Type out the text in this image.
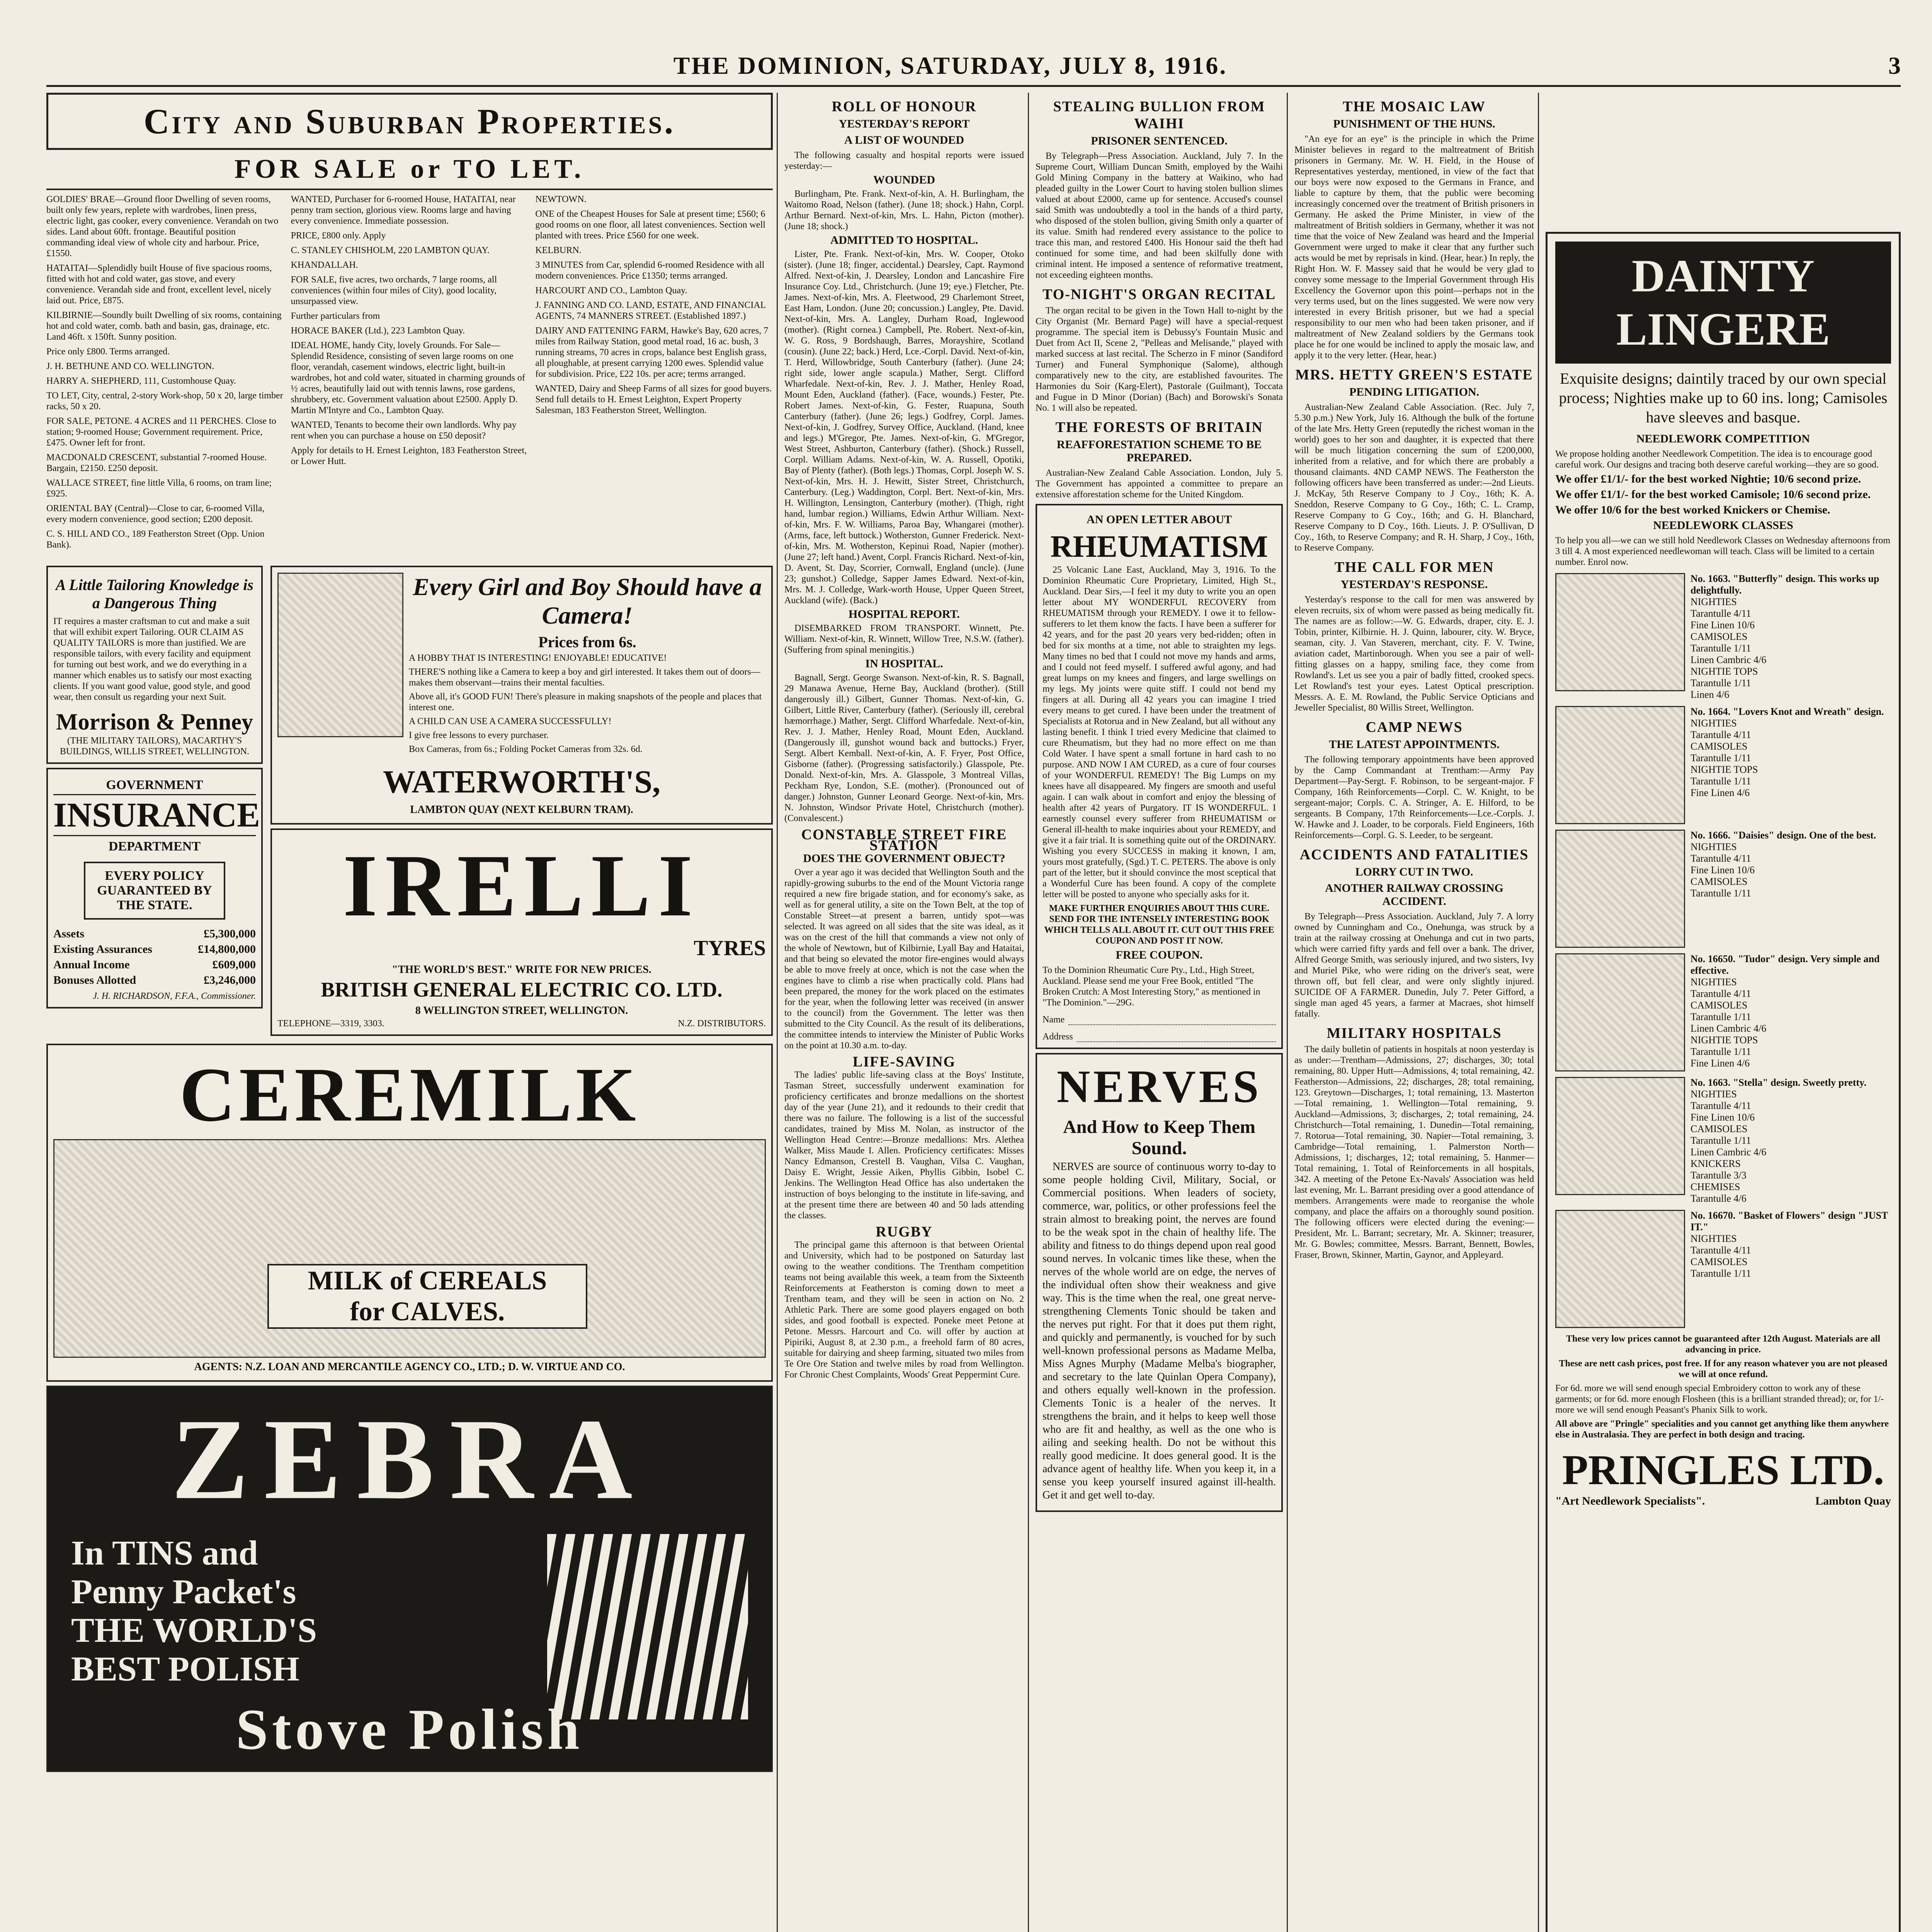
THE DOMINION, SATURDAY, JULY 8, 1916.	3
City and Suburban Properties.
FOR SALE or TO LET.

GOLDIES' BRAE—Ground floor Dwelling of seven rooms, built only few years, replete with wardrobes, linen press, electric light, gas cooker, every convenience. Verandah on two sides. Land about 60ft. frontage. Beautiful position commanding ideal view of whole city and harbour. Price, £1550.

HATAITAI—Splendidly built House of five spacious rooms, fitted with hot and cold water, gas stove, and every convenience. Verandah side and front, excellent level, nicely laid out. Price, £875.

KILBIRNIE—Soundly built Dwelling of six rooms, containing hot and cold water, comb. bath and basin, gas, drainage, etc. Land 46ft. x 150ft. Sunny position.

Price only £800. Terms arranged.

J. H. BETHUNE AND CO. WELLINGTON.

HARRY A. SHEPHERD, 111, Customhouse Quay.

TO LET, City, central, 2-story Work-shop, 50 x 20, large timber racks, 50 x 20.

FOR SALE, PETONE. 4 ACRES and 11 PERCHES. Close to station; 9-roomed House; Government requirement. Price, £475. Owner left for front.

MACDONALD CRESCENT, substantial 7-roomed House. Bargain, £2150. £250 deposit.

WALLACE STREET, fine little Villa, 6 rooms, on tram line; £925.

ORIENTAL BAY (Central)—Close to car, 6-roomed Villa, every modern convenience, good section; £200 deposit.

C. S. HILL AND CO., 189 Featherston Street (Opp. Union Bank).

WANTED, Purchaser for 6-roomed House, HATAITAI, near penny tram section, glorious view. Rooms large and having every convenience. Immediate possession.

PRICE, £800 only. Apply

C. STANLEY CHISHOLM, 220 LAMBTON QUAY.

KHANDALLAH.

FOR SALE, five acres, two orchards, 7 large rooms, all conveniences (within four miles of City), good locality, unsurpassed view.

Further particulars from

HORACE BAKER (Ltd.), 223 Lambton Quay.

IDEAL HOME, handy City, lovely Grounds. For Sale—Splendid Residence, consisting of seven large rooms on one floor, verandah, casement windows, electric light, built-in wardrobes, hot and cold water, situated in charming grounds of ½ acres, beautifully laid out with tennis lawns, rose gardens, shrubbery, etc. Government valuation about £2500. Apply D. Martin M'Intyre and Co., Lambton Quay.

WANTED, Tenants to become their own landlords. Why pay rent when you can purchase a house on £50 deposit?

Apply for details to H. Ernest Leighton, 183 Featherston Street, or Lower Hutt.

NEWTOWN.

ONE of the Cheapest Houses for Sale at present time; £560; 6 good rooms on one floor, all latest conveniences. Section well planted with trees. Price £560 for one week.

KELBURN.

3 MINUTES from Car, splendid 6-roomed Residence with all modern conveniences. Price £1350; terms arranged.

HARCOURT AND CO., Lambton Quay.

J. FANNING AND CO. LAND, ESTATE, AND FINANCIAL AGENTS, 74 MANNERS STREET. (Established 1897.)

DAIRY AND FATTENING FARM, Hawke's Bay, 620 acres, 7 miles from Railway Station, good metal road, 16 ac. bush, 3 running streams, 70 acres in crops, balance best English grass, all ploughable, at present carrying 1200 ewes. Splendid value for subdivision. Price, £22 10s. per acre; terms arranged.

WANTED, Dairy and Sheep Farms of all sizes for good buyers. Send full details to H. Ernest Leighton, Expert Property Salesman, 183 Featherston Street, Wellington.

A Little Tailoring Knowledge is a Dangerous Thing
IT requires a master craftsman to cut and make a suit that will exhibit expert Tailoring. OUR CLAIM AS QUALITY TAILORS is more than justified. We are responsible tailors, with every facility and equipment for turning out best work, and we do everything in a manner which enables us to satisfy our most exacting clients. If you want good value, good style, and good wear, then consult us regarding your next Suit.
Morrison & Penney
(THE MILITARY TAILORS), MACARTHY'S BUILDINGS, WILLIS STREET, WELLINGTON.
GOVERNMENT
INSURANCE
DEPARTMENT
EVERY POLICY GUARANTEED BY THE STATE.
Assets	£5,300,000
Existing Assurances	£14,800,000
Annual Income	£609,000
Bonuses Allotted	£3,246,000
J. H. RICHARDSON, F.F.A., Commissioner.
Every Girl and Boy Should have a Camera!
Prices from 6s.

A HOBBY THAT IS INTERESTING! ENJOYABLE! EDUCATIVE!

THERE'S nothing like a Camera to keep a boy and girl interested. It takes them out of doors—makes them observant—trains their mental faculties.

Above all, it's GOOD FUN! There's pleasure in making snapshots of the people and places that interest one.

A CHILD CAN USE A CAMERA SUCCESSFULLY!

I give free lessons to every purchaser.

Box Cameras, from 6s.; Folding Pocket Cameras from 32s. 6d.

WATERWORTH'S,
LAMBTON QUAY (NEXT KELBURN TRAM).
IRELLI
TYRES
"THE WORLD'S BEST." WRITE FOR NEW PRICES.
BRITISH GENERAL ELECTRIC CO. LTD.
8 WELLINGTON STREET, WELLINGTON.
TELEPHONE—3319, 3303.	N.Z. DISTRIBUTORS.
CEREMILK
MILK of CEREALS
for CALVES.
AGENTS: N.Z. LOAN AND MERCANTILE AGENCY CO., LTD.; D. W. VIRTUE AND CO.
ZEBRA
In TINS and
Penny Packet's
THE WORLD'S
BEST POLISH
Stove Polish
ROLL OF HONOUR
YESTERDAY'S REPORT
A LIST OF WOUNDED

The following casualty and hospital reports were issued yesterday:—

WOUNDED

Burlingham, Pte. Frank. Next-of-kin, A. H. Burlingham, the Waitomo Road, Nelson (father). (June 18; shock.) Hahn, Corpl. Arthur Bernard. Next-of-kin, Mrs. L. Hahn, Picton (mother). (June 18; shock.)

ADMITTED TO HOSPITAL.

Lister, Pte. Frank. Next-of-kin, Mrs. W. Cooper, Otoko (sister). (June 18; finger, accidental.) Dearsley, Capt. Raymond Alfred. Next-of-kin, J. Dearsley, London and Lancashire Fire Insurance Coy. Ltd., Christchurch. (June 19; eye.) Fletcher, Pte. James. Next-of-kin, Mrs. A. Fleetwood, 29 Charlemont Street, East Ham, London. (June 20; concussion.) Langley, Pte. David. Next-of-kin, Mrs. A. Langley, Durham Road, Inglewood (mother). (Right cornea.) Campbell, Pte. Robert. Next-of-kin, W. G. Ross, 9 Bordshaugh, Barres, Morayshire, Scotland (cousin). (June 22; back.) Herd, Lce.-Corpl. David. Next-of-kin, T. Herd, Willowbridge, South Canterbury (father). (June 24; right side, lower angle scapula.) Mather, Sergt. Clifford Wharfedale. Next-of-kin, Rev. J. J. Mather, Henley Road, Mount Eden, Auckland (father). (Face, wounds.) Fester, Pte. Robert James. Next-of-kin, G. Fester, Ruapuna, South Canterbury (father). (June 26; legs.) Godfrey, Corpl. James. Next-of-kin, J. Godfrey, Survey Office, Auckland. (Hand, knee and legs.) M'Gregor, Pte. James. Next-of-kin, G. M'Gregor, West Street, Ashburton, Canterbury (father). (Shock.) Russell, Corpl. William Adams. Next-of-kin, W. A. Russell, Opotiki, Bay of Plenty (father). (Both legs.) Thomas, Corpl. Joseph W. S. Next-of-kin, Mrs. H. J. Hewitt, Sister Street, Christchurch, Canterbury. (Leg.) Waddington, Corpl. Bert. Next-of-kin, Mrs. H. Willington, Lensington, Canterbury (mother). (Thigh, right hand, lumbar region.) Williams, Edwin Arthur William. Next-of-kin, Mrs. F. W. Williams, Paroa Bay, Whangarei (mother). (Arms, face, left buttock.) Wotherston, Gunner Frederick. Next-of-kin, Mrs. M. Wotherston, Kepinui Road, Napier (mother). (June 27; left hand.) Avent, Corpl. Francis Richard. Next-of-kin, D. Avent, St. Day, Scorrier, Cornwall, England (uncle). (June 23; gunshot.) Colledge, Sapper James Edward. Next-of-kin, Mrs. M. J. Colledge, Wark-worth House, Upper Queen Street, Auckland (wife). (Back.)

HOSPITAL REPORT.

DISEMBARKED FROM TRANSPORT. Winnett, Pte. William. Next-of-kin, R. Winnett, Willow Tree, N.S.W. (father). (Suffering from spinal meningitis.)

IN HOSPITAL.

Bagnall, Sergt. George Swanson. Next-of-kin, R. S. Bagnall, 29 Manawa Avenue, Herne Bay, Auckland (brother). (Still dangerously ill.) Gilbert, Gunner Thomas. Next-of-kin, G. Gilbert, Little River, Canterbury (father). (Seriously ill, cerebral hæmorrhage.) Mather, Sergt. Clifford Wharfedale. Next-of-kin, Rev. J. J. Mather, Henley Road, Mount Eden, Auckland. (Dangerously ill, gunshot wound back and buttocks.) Fryer, Sergt. Albert Kemball. Next-of-kin, A. F. Fryer, Post Office, Gisborne (father). (Progressing satisfactorily.) Glasspole, Pte. Donald. Next-of-kin, Mrs. A. Glasspole, 3 Montreal Villas, Peckham Rye, London, S.E. (mother). (Pronounced out of danger.) Johnston, Gunner Leonard George. Next-of-kin, Mrs. N. Johnston, Windsor Private Hotel, Christchurch (mother). (Convalescent.)

CONSTABLE STREET FIRE STATION
DOES THE GOVERNMENT OBJECT?

Over a year ago it was decided that Wellington South and the rapidly-growing suburbs to the end of the Mount Victoria range required a new fire brigade station, and for economy's sake, as well as for general utility, a site on the Town Belt, at the top of Constable Street—at present a barren, untidy spot—was selected. It was agreed on all sides that the site was ideal, as it was on the crest of the hill that commands a view not only of the whole of Newtown, but of Kilbirnie, Lyall Bay and Hataitai, and that being so elevated the motor fire-engines would always be able to move freely at once, which is not the case when the engines have to climb a rise when practically cold. Plans had been prepared, the money for the work placed on the estimates for the year, when the following letter was received (in answer to the council) from the Government. The letter was then submitted to the City Council. As the result of its deliberations, the committee intends to interview the Minister of Public Works on the point at 10.30 a.m. to-day.

LIFE-SAVING

The ladies' public life-saving class at the Boys' Institute, Tasman Street, successfully underwent examination for proficiency certificates and bronze medallions on the shortest day of the year (June 21), and it redounds to their credit that there was no failure. The following is a list of the successful candidates, trained by Miss M. Nolan, as instructor of the Wellington Head Centre:—Bronze medallions: Mrs. Alethea Walker, Miss Maude I. Allen. Proficiency certificates: Misses Nancy Edmanson, Crestell B. Vaughan, Vilsa C. Vaughan, Daisy E. Wright, Jessie Aiken, Phyllis Gibbin, Isobel C. Jenkins. The Wellington Head Office has also undertaken the instruction of boys belonging to the institute in life-saving, and at the present time there are between 40 and 50 lads attending the classes.

RUGBY

The principal game this afternoon is that between Oriental and University, which had to be postponed on Saturday last owing to the weather conditions. The Trentham competition teams not being available this week, a team from the Sixteenth Reinforcements at Featherston is coming down to meet a Trentham team, and they will be seen in action on No. 2 Athletic Park. There are some good players engaged on both sides, and good football is expected. Poneke meet Petone at Petone. Messrs. Harcourt and Co. will offer by auction at Pipiriki, August 8, at 2.30 p.m., a freehold farm of 80 acres, suitable for dairying and sheep farming, situated two miles from Te Ore Ore Station and twelve miles by road from Wellington. For Chronic Chest Complaints, Woods' Great Peppermint Cure.

STEALING BULLION FROM WAIHI
PRISONER SENTENCED.

By Telegraph—Press Association. Auckland, July 7. In the Supreme Court, William Duncan Smith, employed by the Waihi Gold Mining Company in the battery at Waikino, who had pleaded guilty in the Lower Court to having stolen bullion slimes valued at about £2000, came up for sentence. Accused's counsel said Smith was undoubtedly a tool in the hands of a third party, who disposed of the stolen bullion, giving Smith only a quarter of its value. Smith had rendered every assistance to the police to trace this man, and restored £400. His Honour said the theft had continued for some time, and had been skilfully done with criminal intent. He imposed a sentence of reformative treatment, not exceeding eighteen months.

TO-NIGHT'S ORGAN RECITAL

The organ recital to be given in the Town Hall to-night by the City Organist (Mr. Bernard Page) will have a special-request programme. The special item is Debussy's Fountain Music and Duet from Act II, Scene 2, "Pelleas and Melisande," played with marked success at last recital. The Scherzo in F minor (Sandiford Turner) and Funeral Symphonique (Salome), although comparatively new to the city, are established favourites. The Harmonies du Soir (Karg-Elert), Pastorale (Guilmant), Toccata and Fugue in D Minor (Dorian) (Bach) and Borowski's Sonata No. 1 will also be repeated.

THE FORESTS OF BRITAIN
REAFFORESTATION SCHEME TO BE PREPARED.

Australian-New Zealand Cable Association. London, July 5. The Government has appointed a committee to prepare an extensive afforestation scheme for the United Kingdom.

AN OPEN LETTER ABOUT
RHEUMATISM

25 Volcanic Lane East, Auckland, May 3, 1916. To the Dominion Rheumatic Cure Proprietary, Limited, High St., Auckland. Dear Sirs,—I feel it my duty to write you an open letter about MY WONDERFUL RECOVERY from RHEUMATISM through your REMEDY. I owe it to fellow-sufferers to let them know the facts. I have been a sufferer for 42 years, and for the past 20 years very bed-ridden; often in bed for six months at a time, not able to straighten my legs. Many times no bed that I could not move my hands and arms, and I could not feed myself. I suffered awful agony, and had great lumps on my knees and fingers, and large swellings on my legs. My joints were quite stiff. I could not bend my fingers at all. During all 42 years you can imagine I tried every means to get cured. I have been under the treatment of Specialists at Rotorua and in New Zealand, but all without any lasting benefit. I think I tried every Medicine that claimed to cure Rheumatism, but they had no more effect on me than Cold Water. I have spent a small fortune in hard cash to no purpose. AND NOW I AM CURED, as a cure of four courses of your WONDERFUL REMEDY! The Big Lumps on my knees have all disappeared. My fingers are smooth and useful again. I can walk about in comfort and enjoy the blessing of health after 42 years of Purgatory. IT IS WONDERFUL. I earnestly counsel every sufferer from RHEUMATISM or General ill-health to make inquiries about your REMEDY, and give it a fair trial. It is something quite out of the ORDINARY. Wishing you every SUCCESS in making it known, I am, yours most gratefully, (Sgd.) T. C. PETERS. The above is only part of the letter, but it should convince the most sceptical that a Wonderful Cure has been found. A copy of the complete letter will be posted to anyone who specially asks for it.

MAKE FURTHER ENQUIRIES ABOUT THIS CURE. SEND FOR THE INTENSELY INTERESTING BOOK WHICH TELLS ALL ABOUT IT. CUT OUT THIS FREE COUPON AND POST IT NOW.
FREE COUPON.
To the Dominion Rheumatic Cure Pty., Ltd., High Street, Auckland. Please send me your Free Book, entitled "The Broken Crutch: A Most Interesting Story," as mentioned in "The Dominion."—29G.
Name
Address
NERVES
And How to Keep Them Sound.

NERVES are source of continuous worry to-day to some people holding Civil, Military, Social, or Commercial positions. When leaders of society, commerce, war, politics, or other professions feel the strain almost to breaking point, the nerves are found to be the weak spot in the chain of healthy life. The ability and fitness to do things depend upon real good sound nerves. In volcanic times like these, when the nerves of the whole world are on edge, the nerves of the individual often show their weakness and give way. This is the time when the real, one great nerve-strengthening Clements Tonic should be taken and the nerves put right. For that it does put them right, and quickly and permanently, is vouched for by such well-known professional persons as Madame Melba, Miss Agnes Murphy (Madame Melba's biographer, and secretary to the late Quinlan Opera Company), and others equally well-known in the profession. Clements Tonic is a healer of the nerves. It strengthens the brain, and it helps to keep well those who are fit and healthy, as well as the one who is ailing and seeking health. Do not be without this really good medicine. It does general good. It is the advance agent of healthy life. When you keep it, in a sense you keep yourself insured against ill-health. Get it and get well to-day.

THE MOSAIC LAW
PUNISHMENT OF THE HUNS.

"An eye for an eye" is the principle in which the Prime Minister believes in regard to the maltreatment of British prisoners in Germany. Mr. W. H. Field, in the House of Representatives yesterday, mentioned, in view of the fact that our boys were now exposed to the Germans in France, and liable to capture by them, that the public were becoming increasingly concerned over the treatment of British prisoners in Germany. He asked the Prime Minister, in view of the maltreatment of British soldiers in Germany, whether it was not time that the voice of New Zealand was heard and the Imperial Government were urged to make it clear that any further such acts would be met by reprisals in kind. (Hear, hear.) In reply, the Right Hon. W. F. Massey said that he would be very glad to convey some message to the Imperial Government through His Excellency the Governor upon this point—perhaps not in the very terms used, but on the lines suggested. We were now very interested in every British prisoner, but we had a special responsibility to our men who had been taken prisoner, and if maltreatment of New Zealand soldiers by the Germans took place he for one would be inclined to apply the mosaic law, and apply it to the very letter. (Hear, hear.)

MRS. HETTY GREEN'S ESTATE
PENDING LITIGATION.

Australian-New Zealand Cable Association. (Rec. July 7, 5.30 p.m.) New York, July 16. Although the bulk of the fortune of the late Mrs. Hetty Green (reputedly the richest woman in the world) goes to her son and daughter, it is expected that there will be much litigation concerning the sum of £200,000, inherited from a relative, and for which there are probably a thousand claimants. 4ND CAMP NEWS. The Featherston the following officers have been transferred as under:—2nd Lieuts. J. McKay, 5th Reserve Company to J Coy., 16th; K. A. Sneddon, Reserve Company to G Coy., 16th; C. L. Cramp, Reserve Company to G Coy., 16th; and G. H. Blanchard, Reserve Company to D Coy., 16th. Lieuts. J. P. O'Sullivan, D Coy., 16th, to Reserve Company; and R. H. Sharp, J Coy., 16th, to Reserve Company.

THE CALL FOR MEN
YESTERDAY'S RESPONSE.

Yesterday's response to the call for men was answered by eleven recruits, six of whom were passed as being medically fit. The names are as follow:—W. G. Edwards, draper, city. E. J. Tobin, printer, Kilbirnie. H. J. Quinn, labourer, city. W. Bryce, seaman, city. J. Van Staveren, merchant, city. F. V. Twine, aviation cadet, Martinborough. When you see a pair of well-fitting glasses on a happy, smiling face, they come from Rowland's. Let us see you a pair of badly fitted, crooked specs. Let Rowland's test your eyes. Latest Optical prescription. Messrs. A. E. M. Rowland, the Public Service Opticians and Jeweller Specialist, 80 Willis Street, Wellington.

CAMP NEWS
THE LATEST APPOINTMENTS.

The following temporary appointments have been approved by the Camp Commandant at Trentham:—Army Pay Department—Pay-Sergt. F. Robinson, to be sergeant-major. F Company, 16th Reinforcements—Corpl. C. W. Knight, to be sergeant-major; Corpls. C. A. Stringer, A. E. Hilford, to be sergeants. B Company, 17th Reinforcements—Lce.-Corpls. J. W. Hawke and J. Loader, to be corporals. Field Engineers, 16th Reinforcements—Corpl. G. S. Leeder, to be sergeant.

ACCIDENTS AND FATALITIES
LORRY CUT IN TWO.
ANOTHER RAILWAY CROSSING ACCIDENT.

By Telegraph—Press Association. Auckland, July 7. A lorry owned by Cunningham and Co., Onehunga, was struck by a train at the railway crossing at Onehunga and cut in two parts, which were carried fifty yards and fell over a bank. The driver, Alfred George Smith, was seriously injured, and two sisters, Ivy and Muriel Pike, who were riding on the driver's seat, were thrown off, but fell clear, and were only slightly injured. SUICIDE OF A FARMER. Dunedin, July 7. Peter Gifford, a single man aged 45 years, a farmer at Macraes, shot himself fatally.

MILITARY HOSPITALS

The daily bulletin of patients in hospitals at noon yesterday is as under:—Trentham—Admissions, 27; discharges, 30; total remaining, 80. Upper Hutt—Admissions, 4; total remaining, 42. Featherston—Admissions, 22; discharges, 28; total remaining, 123. Greytown—Discharges, 1; total remaining, 13. Masterton—Total remaining, 1. Wellington—Total remaining, 9. Auckland—Admissions, 3; discharges, 2; total remaining, 24. Christchurch—Total remaining, 1. Dunedin—Total remaining, 7. Rotorua—Total remaining, 30. Napier—Total remaining, 3. Cambridge—Total remaining, 1. Palmerston North—Admissions, 1; discharges, 12; total remaining, 5. Hanmer—Total remaining, 1. Total of Reinforcements in all hospitals, 342. A meeting of the Petone Ex-Navals' Association was held last evening, Mr. L. Barrant presiding over a good attendance of members. Arrangements were made to reorganise the whole company, and place the affairs on a thoroughly sound position. The following officers were elected during the evening:—President, Mr. L. Barrant; secretary, Mr. A. Skinner; treasurer, Mr. G. Bowles; committee, Messrs. Barrant, Bennett, Bowles, Fraser, Brown, Skinner, Martin, Gaynor, and Appleyard.

DAINTY LINGERE
Exquisite designs; daintily traced by our own special process; Nighties make up to 60 ins. long; Camisoles have sleeves and basque.
NEEDLEWORK COMPETITION
We propose holding another Needlework Competition. The idea is to encourage good careful work. Our designs and tracing both deserve careful working—they are so good.
We offer £1/1/- for the best worked Nightie; 10/6 second prize.
We offer £1/1/- for the best worked Camisole; 10/6 second prize.
We offer 10/6 for the best worked Knickers or Chemise.
NEEDLEWORK CLASSES
To help you all—we can we still hold Needlework Classes on Wednesday afternoons from 3 till 4. A most experienced needlewoman will teach. Class will be limited to a certain number. Enrol now.
No. 1663. "Butterfly" design. This works up delightfully.
NIGHTIES
Tarantulle 4/11
Fine Linen 10/6
CAMISOLES
Tarantulle 1/11
Linen Cambric 4/6
NIGHTIE TOPS
Tarantulle 1/11
Linen 4/6
No. 1664. "Lovers Knot and Wreath" design.
NIGHTIES
Tarantulle 4/11
CAMISOLES
Tarantulle 1/11
NIGHTIE TOPS
Tarantulle 1/11
Fine Linen 4/6
No. 1666. "Daisies" design. One of the best.
NIGHTIES
Tarantulle 4/11
Fine Linen 10/6
CAMISOLES
Tarantulle 1/11
No. 16650. "Tudor" design. Very simple and effective.
NIGHTIES
Tarantulle 4/11
CAMISOLES
Tarantulle 1/11
Linen Cambric 4/6
NIGHTIE TOPS
Tarantulle 1/11
Fine Linen 4/6
No. 1663. "Stella" design. Sweetly pretty.
NIGHTIES
Tarantulle 4/11
Fine Linen 10/6
CAMISOLES
Tarantulle 1/11
Linen Cambric 4/6
KNICKERS
Tarantulle 3/3
CHEMISES
Tarantulle 4/6
No. 16670. "Basket of Flowers" design "JUST IT."
NIGHTIES
Tarantulle 4/11
CAMISOLES
Tarantulle 1/11
These very low prices cannot be guaranteed after 12th August. Materials are all advancing in price.
These are nett cash prices, post free. If for any reason whatever you are not pleased we will at once refund.
For 6d. more we will send enough special Embroidery cotton to work any of these garments; or for 6d. more enough Flosheen (this is a brilliant stranded thread); or, for 1/- more we will send enough Peasant's Phanix Silk to work.
All above are "Pringle" specialities and you cannot get anything like them anywhere else in Australasia. They are perfect in both design and tracing.
PRINGLES LTD.
"Art Needlework Specialists".	Lambton Quay
